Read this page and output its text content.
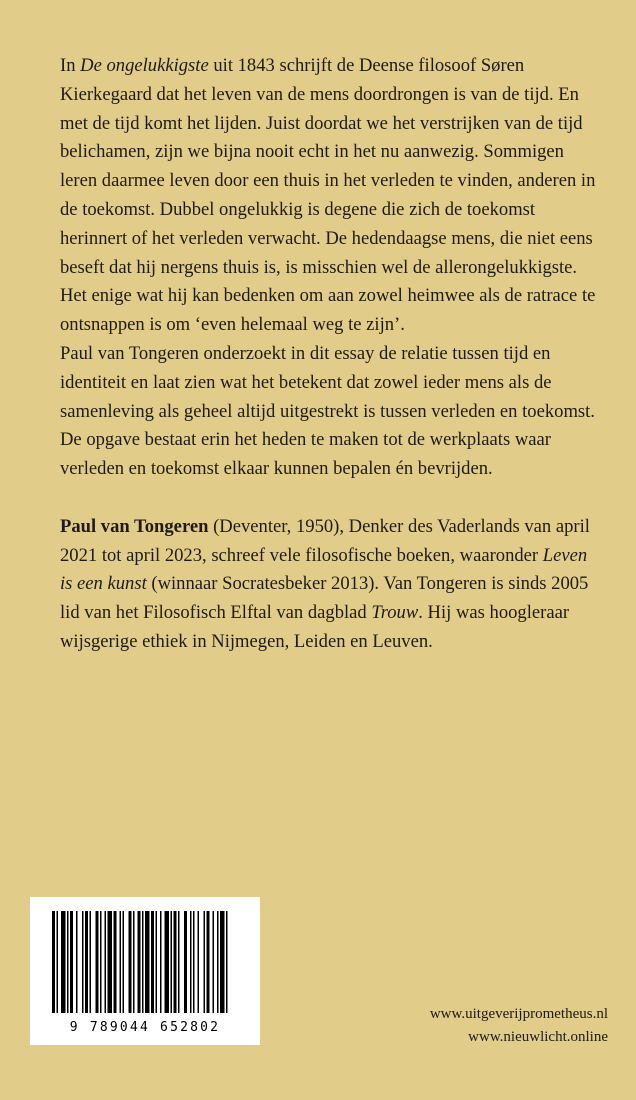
In De ongelukkigste uit 1843 schrijft de Deense filosoof Søren Kierkegaard dat het leven van de mens doordrongen is van de tijd. En met de tijd komt het lijden. Juist doordat we het verstrijken van de tijd belichamen, zijn we bijna nooit echt in het nu aanwezig. Sommigen leren daarmee leven door een thuis in het verleden te vinden, anderen in de toekomst. Dubbel ongelukkig is degene die zich de toekomst herinnert of het verleden verwacht. De hedendaagse mens, die niet eens beseft dat hij nergens thuis is, is misschien wel de allerongelukkigste. Het enige wat hij kan bedenken om aan zowel heimwee als de ratrace te ontsnappen is om ‘even helemaal weg te zijn’.

Paul van Tongeren onderzoekt in dit essay de relatie tussen tijd en identiteit en laat zien wat het betekent dat zowel ieder mens als de samenleving als geheel altijd uitgestrekt is tussen verleden en toekomst. De opgave bestaat erin het heden te maken tot de werkplaats waar verleden en toekomst elkaar kunnen bepalen én bevrijden.

Paul van Tongeren (Deventer, 1950), Denker des Vaderlands van april 2021 tot april 2023, schreef vele filosofische boeken, waaronder Leven is een kunst (winnaar Socratesbeker 2013). Van Tongeren is sinds 2005 lid van het Filosofisch Elftal van dagblad Trouw. Hij was hoogleraar wijsgerige ethiek in Nijmegen, Leiden en Leuven.

9 789044 652802
www.uitgeverijprometheus.nl
www.nieuwlicht.online
